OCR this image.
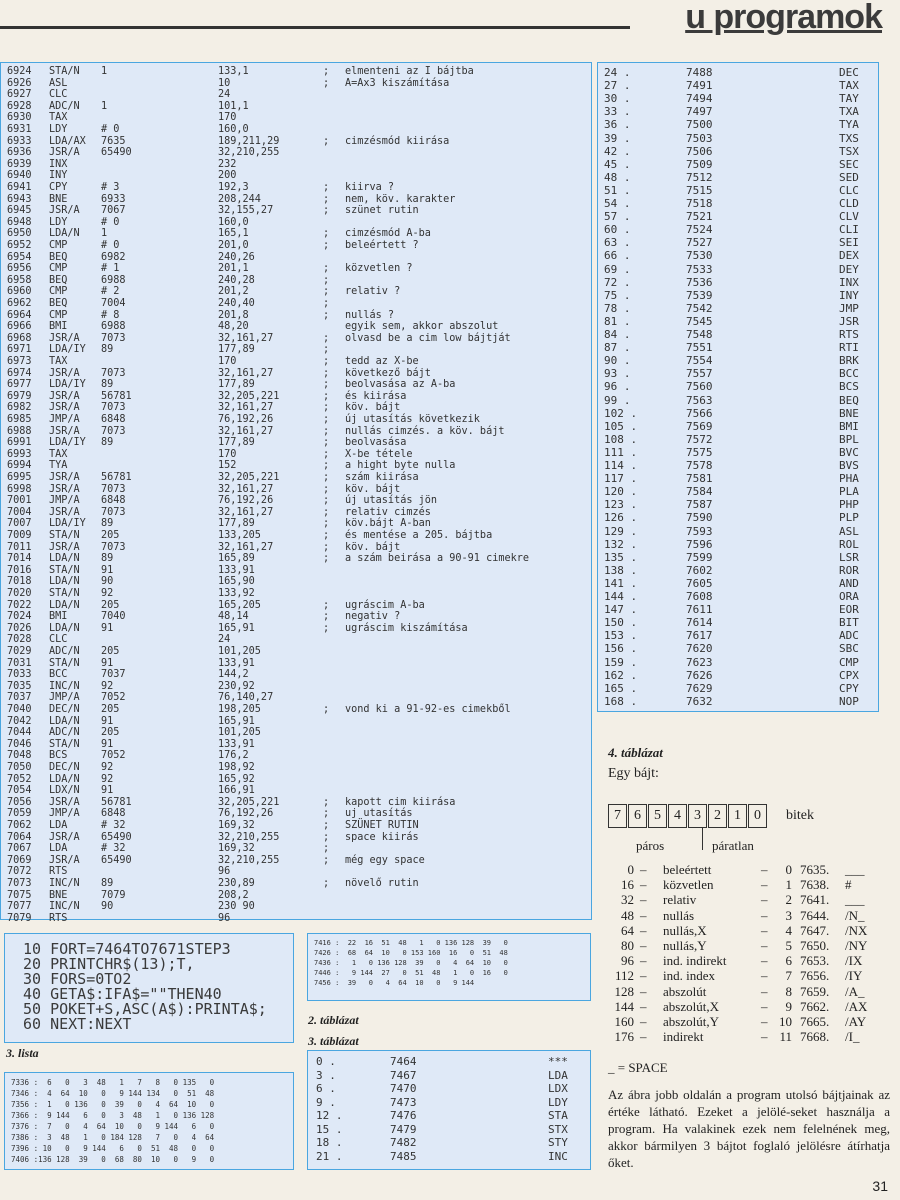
u programok
6924 STA/N 1	133,1	; elmenteni az I bájtba
6926 ASL	10	; A=Ax3 kiszámítása
6927 CLC	24
6928 ADC/N 1	101,1
6930 TAX	170
6931 LDY	# 0	160,0
6933 LDA/AX 7635	189,211,29	; cimzésmód kiirása
6936 JSR/A 65490	32,210,255
6939 INX	232
6940 INY	200
6941 CPY	# 3	192,3	; kiirva ?
6943 BNE	6933	208,244	; nem, köv. karakter
6945 JSR/A 7067	32,155,27	; szünet rutin
6948 LDY	# 0	160,0
6950 LDA/N 1	165,1	; cimzésmód A-ba
6952 CMP	# 0	201,0	; beleértett ?
6954 BEQ	6982	240,26
6956 CMP	# 1	201,1	; közvetlen ?
6958 BEQ	6988	240,28	;
6960 CMP	# 2	201,2	; relativ ?
6962 BEQ	7004	240,40	;
6964 CMP	# 8	201,8	; nullás ?
6966 BMI	6988	48,20	egyik sem, akkor abszolut
6968 JSR/A 7073	32,161,27	; olvasd be a cim low bájtját
6971 LDA/IY 89	177,89	;
6973 TAX	170	; tedd az X-be
6974 JSR/A 7073	32,161,27	; következő bájt
6977 LDA/IY 89	177,89	; beolvasása az A-ba
6979 JSR/A 56781	32,205,221	; és kiirása
6982 JSR/A 7073	32,161,27	; köv. bájt
6985 JMP/A 6848	76,192,26	; új utasítás következik
6988 JSR/A 7073	32,161,27	; nullás cimzés. a köv. bájt
6991 LDA/IY 89	177,89	; beolvasása
6993 TAX	170	; X-be tétele
6994 TYA	152	; a hight byte nulla
6995 JSR/A 56781	32,205,221	; szám kiirása
6998 JSR/A 7073	32,161,27	; köv. bájt
7001 JMP/A 6848	76,192,26	; új utasítás jön
7004 JSR/A 7073	32,161,27	; relativ cimzés
7007 LDA/IY 89	177,89	; köv.bájt A-ban
7009 STA/N 205	133,205	; és mentése a 205. bájtba
7011 JSR/A 7073	32,161,27	; köv. bájt
7014 LDA/N 89	165,89	; a szám beirása a 90-91 cimekre
7016 STA/N 91	133,91
7018 LDA/N 90	165,90
7020 STA/N 92	133,92
7022 LDA/N 205	165,205	; ugráscim A-ba
7024 BMI	7040	48,14	; negativ ?
7026 LDA/N 91	165,91	; ugráscim kiszámítása
7028 CLC	24
7029 ADC/N 205	101,205
7031 STA/N 91	133,91
7033 BCC	7037	144,2
7035 INC/N 92	230,92
7037 JMP/A 7052	76,140,27
7040 DEC/N 205	198,205	; vond ki a 91-92-es cimekből
7042 LDA/N 91	165,91
7044 ADC/N 205	101,205
7046 STA/N 91	133,91
7048 BCS	7052	176,2
7050 DEC/N 92	198,92
7052 LDA/N 92	165,92
7054 LDX/N 91	166,91
7056 JSR/A 56781	32,205,221	; kapott cim kiirása
7059 JMP/A 6848	76,192,26	; uj utasítás
7062 LDA	# 32	169,32	; SZÜNET RUTIN
7064 JSR/A 65490	32,210,255	; space kiirás
7067 LDA	# 32	169,32	;
7069 JSR/A 65490	32,210,255	; még egy space
7072 RTS	96
7073 INC/N 89	230,89	; növelő rutin
7075 BNE	7079	208,2
7077 INC/N 90	230 90
7079 RTS	96
24 .	7488	DEC
27 .	7491	TAX
30 .	7494	TAY
33 .	7497	TXA
36 .	7500	TYA
39 .	7503	TXS
42 .	7506	TSX
45 .	7509	SEC
48 .	7512	SED
51 .	7515	CLC
54 .	7518	CLD
57 .	7521	CLV
60 .	7524	CLI
63 .	7527	SEI
66 .	7530	DEX
69 .	7533	DEY
72 .	7536	INX
75 .	7539	INY
78 .	7542	JMP
81 .	7545	JSR
84 .	7548	RTS
87 .	7551	RTI
90 .	7554	BRK
93 .	7557	BCC
96 .	7560	BCS
99 .	7563	BEQ
102 .	7566	BNE
105 .	7569	BMI
108 .	7572	BPL
111 .	7575	BVC
114 .	7578	BVS
117 .	7581	PHA
120 .	7584	PLA
123 .	7587	PHP
126 .	7590	PLP
129 .	7593	ASL
132 .	7596	ROL
135 .	7599	LSR
138 .	7602	ROR
141 .	7605	AND
144 .	7608	ORA
147 .	7611	EOR
150 .	7614	BIT
153 .	7617	ADC
156 .	7620	SBC
159 .	7623	CMP
162 .	7626	CPX
165 .	7629	CPY
168 .	7632	NOP
10 FORT=7464TO7671STEP3
20 PRINTCHR$(13);T,
30 FORS=0TO2
40 GETA$:IFA$=""THEN40
50 POKET+S,ASC(A$):PRINTA$;
60 NEXT:NEXT
3. lista
7336 :  6   0   3  48   1   7   8   0 135   0
7346 :  4  64  10   0   9 144 134   0  51  48
7356 :  1   0 136   0  39   0   4  64  10   0
7366 :  9 144   6   0   3  48   1   0 136 128
7376 :  7   0   4  64  10   0   9 144   6   0
7386 :  3  48   1   0 184 128   7   0   4  64
7396 : 10   0   9 144   6   0  51  48   0   0
7406 :136 128  39   0  68  80  10   0   9   0
7416 :  22  16  51  48   1   0 136 128  39   0
7426 :  68  64  10   0 153 160  16   0  51  48
7436 :   1   0 136 128  39   0   4  64  10   0
7446 :   9 144  27   0  51  48   1   0  16   0
7456 :  39   0   4  64  10   0   9 144
2. táblázat
3. táblázat
0 .	7464	***
3 .	7467	LDA
6 .	7470	LDX
9 .	7473	LDY
12 .	7476	STA
15 .	7479	STX
18 .	7482	STY
21 .	7485	INC
4. táblázat
Egy bájt:
7 6 5 4 3 2 1 0	bitek
páros	páratlan
0 – beleértett	–	0 7635. ___
16 – közvetlen	–	1 7638. #
32 – relativ	–	2 7641. ___
48 – nullás	–	3 7644. /N_
64 – nullás,X	–	4 7647. /NX
80 – nullás,Y	–	5 7650. /NY
96 – ind. indirekt	–	6 7653. /IX
112 – ind. index	–	7 7656. /IY
128 – abszolút	–	8 7659. /A_
144 – abszolút,X	–	9 7662. /AX
160 – abszolút,Y	– 10 7665. /AY
176 – indirekt	– 11 7668. /I_
_ = SPACE
Az ábra jobb oldalán a program utolsó bájtjainak az értéke látható. Ezeket a jelölé-seket használja a program. Ha valakinek ezek nem felelnének meg, akkor bármilyen 3 bájtot foglaló jelölésre átírhatja őket.
31
